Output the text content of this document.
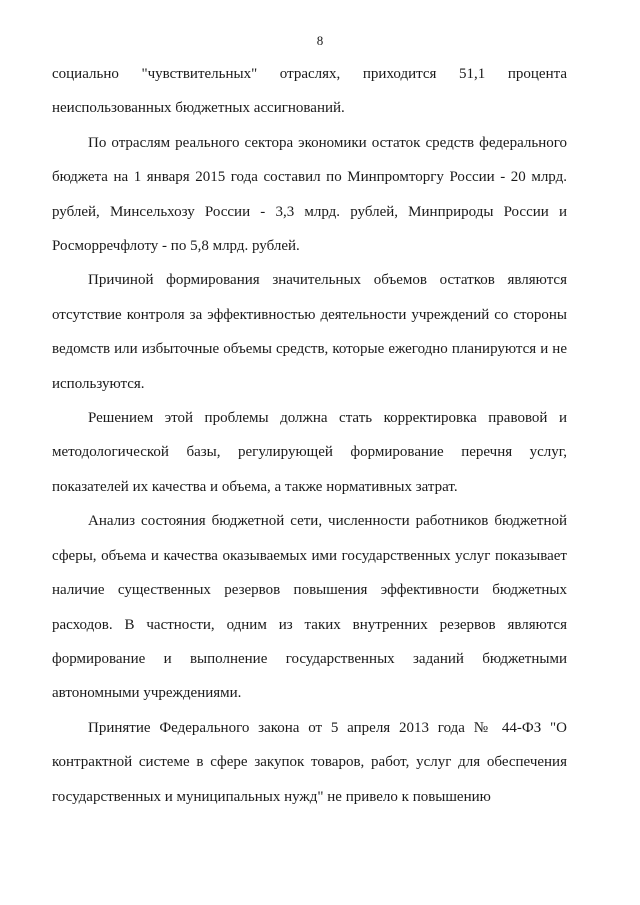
8

социально "чувствительных" отраслях, приходится 51,1 процента неиспользованных бюджетных ассигнований.

По отраслям реального сектора экономики остаток средств федерального бюджета на 1 января 2015 года составил по Минпромторгу России - 20 млрд. рублей, Минсельхозу России - 3,3 млрд. рублей, Минприроды России и Росморречфлоту - по 5,8 млрд. рублей.

Причиной формирования значительных объемов остатков являются отсутствие контроля за эффективностью деятельности учреждений со стороны ведомств или избыточные объемы средств, которые ежегодно планируются и не используются.

Решением этой проблемы должна стать корректировка правовой и методологической базы, регулирующей формирование перечня услуг, показателей их качества и объема, а также нормативных затрат.

Анализ состояния бюджетной сети, численности работников бюджетной сферы, объема и качества оказываемых ими государственных услуг показывает наличие существенных резервов повышения эффективности бюджетных расходов. В частности, одним из таких внутренних резервов являются формирование и выполнение государственных заданий бюджетными автономными учреждениями.

Принятие Федерального закона от 5 апреля 2013 года № 44-ФЗ "О контрактной системе в сфере закупок товаров, работ, услуг для обеспечения государственных и муниципальных нужд" не привело к повышению
